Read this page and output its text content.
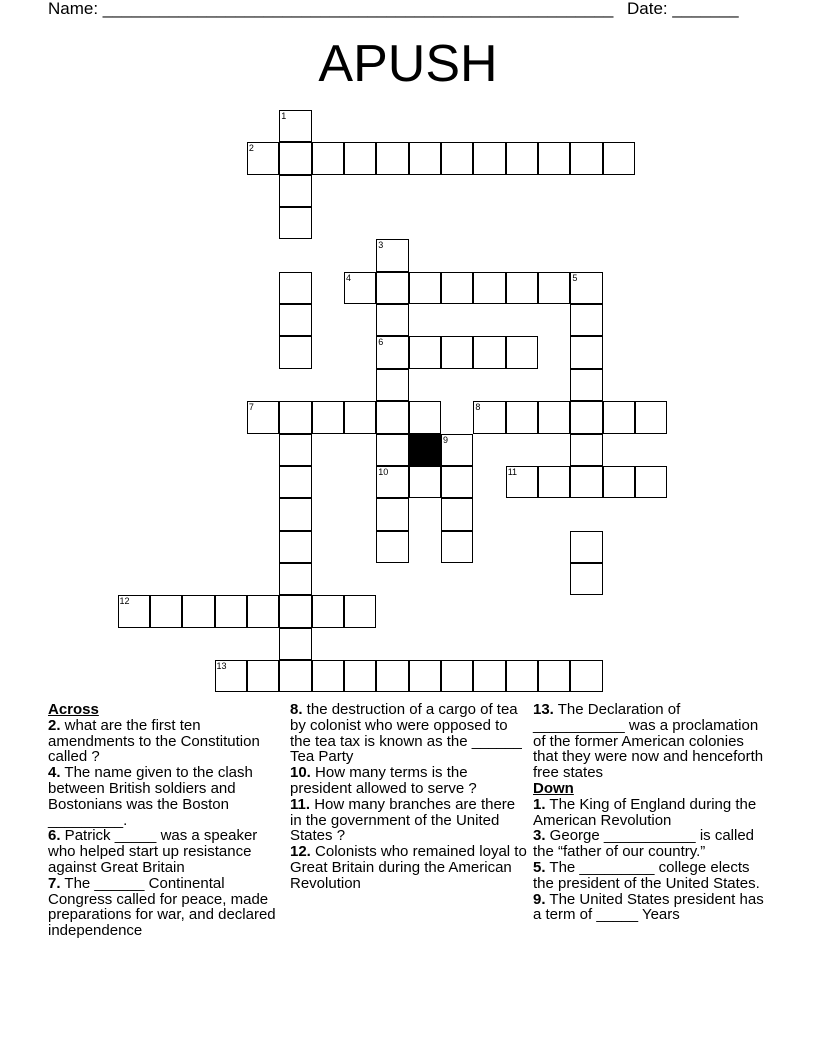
Name: ______________________________________________________ Date: _______
APUSH
1
2
3
4	5
6
7	8
9
10	11
12
13
Across

2. what are the first ten amendments to the Constitution called ?

4. The name given to the clash between British soldiers and Bostonians was the Boston _________.

6. Patrick _____ was a speaker who helped start up resistance against Great Britain

7. The ______ Continental Congress called for peace, made preparations for war, and declared independence

8. the destruction of a cargo of tea by colonist who were opposed to the tea tax is known as the ______ Tea Party

10. How many terms is the president allowed to serve ?

11. How many branches are there in the government of the United States ?

12. Colonists who remained loyal to Great Britain during the American Revolution

13. The Declaration of ___________ was a proclamation of the former American colonies that they were now and henceforth free states

Down

1. The King of England during the American Revolution

3. George ___________ is called the “father of our country.”

5. The _________ college elects the president of the United States.

9. The United States president has a term of _____ Years
